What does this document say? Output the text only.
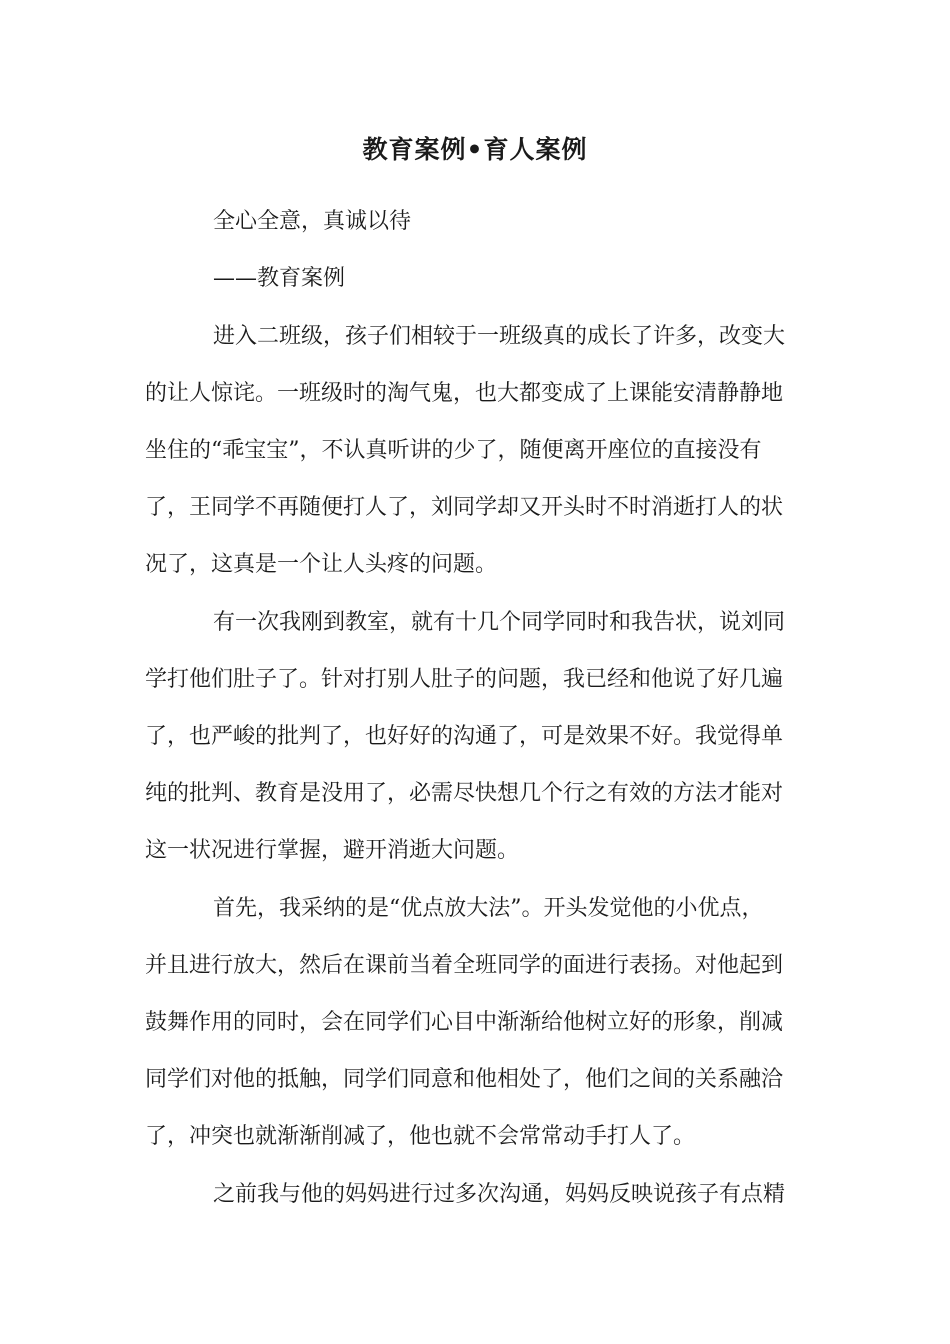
教育案例•育人案例
全心全意，真诚以待
——教育案例
进入二班级，孩子们相较于一班级真的成长了许多，改变大
的让人惊诧。一班级时的淘气鬼，也大都变成了上课能安清静静地
坐住的“乖宝宝”，不认真听讲的少了，随便离开座位的直接没有
了，王同学不再随便打人了，刘同学却又开头时不时消逝打人的状
况了，这真是一个让人头疼的问题。
有一次我刚到教室，就有十几个同学同时和我告状，说刘同
学打他们肚子了。针对打别人肚子的问题，我已经和他说了好几遍
了，也严峻的批判了，也好好的沟通了，可是效果不好。我觉得单
纯的批判、教育是没用了，必需尽快想几个行之有效的方法才能对
这一状况进行掌握，避开消逝大问题。
首先，我采纳的是“优点放大法”。开头发觉他的小优点，
并且进行放大，然后在课前当着全班同学的面进行表扬。对他起到
鼓舞作用的同时，会在同学们心目中渐渐给他树立好的形象，削减
同学们对他的抵触，同学们同意和他相处了，他们之间的关系融洽
了，冲突也就渐渐削减了，他也就不会常常动手打人了。
之前我与他的妈妈进行过多次沟通，妈妈反映说孩子有点精
